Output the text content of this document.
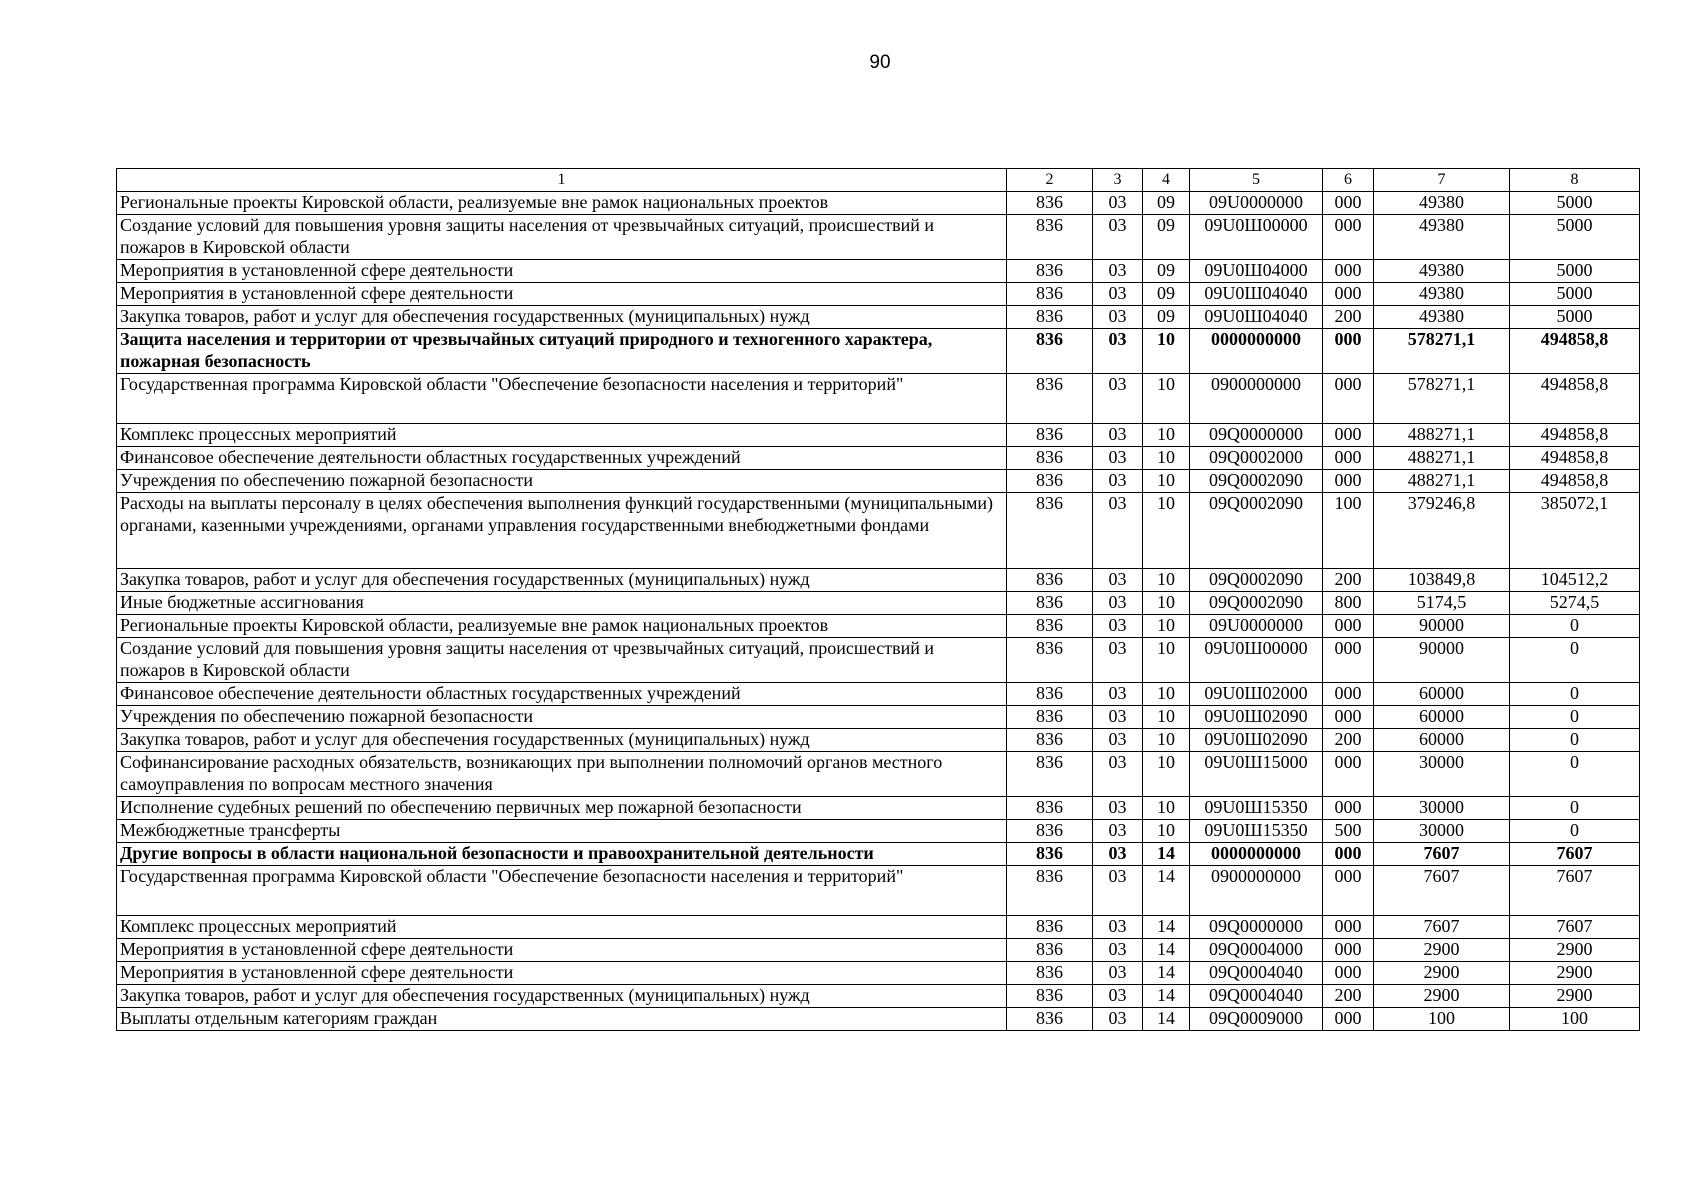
90
1	2	3	4	5	6	7	8
Региональные проекты Кировской области, реализуемые вне рамок национальных проектов	836	03	09	09U0000000	000	49380	5000
Создание условий для повышения уровня защиты населения от чрезвычайных ситуаций, происшествий и пожаров в Кировской области	836	03	09	09U0Ш00000	000	49380	5000
Мероприятия в установленной сфере деятельности	836	03	09	09U0Ш04000	000	49380	5000
Мероприятия в установленной сфере деятельности	836	03	09	09U0Ш04040	000	49380	5000
Закупка товаров, работ и услуг для обеспечения государственных (муниципальных) нужд	836	03	09	09U0Ш04040	200	49380	5000
Защита населения и территории от чрезвычайных ситуаций природного и техногенного характера, пожарная безопасность	836	03	10	0000000000	000	578271,1	494858,8
Государственная программа Кировской области "Обеспечение безопасности населения и территорий"	836	03	10	0900000000	000	578271,1	494858,8
Комплекс процессных мероприятий	836	03	10	09Q0000000	000	488271,1	494858,8
Финансовое обеспечение деятельности областных государственных учреждений	836	03	10	09Q0002000	000	488271,1	494858,8
Учреждения по обеспечению пожарной безопасности	836	03	10	09Q0002090	000	488271,1	494858,8
Расходы на выплаты персоналу в целях обеспечения выполнения функций государственными (муниципальными) органами, казенными учреждениями, органами управления государственными внебюджетными фондами	836	03	10	09Q0002090	100	379246,8	385072,1
Закупка товаров, работ и услуг для обеспечения государственных (муниципальных) нужд	836	03	10	09Q0002090	200	103849,8	104512,2
Иные бюджетные ассигнования	836	03	10	09Q0002090	800	5174,5	5274,5
Региональные проекты Кировской области, реализуемые вне рамок национальных проектов	836	03	10	09U0000000	000	90000	0
Создание условий для повышения уровня защиты населения от чрезвычайных ситуаций, происшествий и пожаров в Кировской области	836	03	10	09U0Ш00000	000	90000	0
Финансовое обеспечение деятельности областных государственных учреждений	836	03	10	09U0Ш02000	000	60000	0
Учреждения по обеспечению пожарной безопасности	836	03	10	09U0Ш02090	000	60000	0
Закупка товаров, работ и услуг для обеспечения государственных (муниципальных) нужд	836	03	10	09U0Ш02090	200	60000	0
Софинансирование расходных обязательств, возникающих при выполнении полномочий органов местного самоуправления по вопросам местного значения	836	03	10	09U0Ш15000	000	30000	0
Исполнение судебных решений по обеспечению первичных мер пожарной безопасности	836	03	10	09U0Ш15350	000	30000	0
Межбюджетные трансферты	836	03	10	09U0Ш15350	500	30000	0
Другие вопросы в области национальной безопасности и правоохранительной деятельности	836	03	14	0000000000	000	7607	7607
Государственная программа Кировской области "Обеспечение безопасности населения и территорий"	836	03	14	0900000000	000	7607	7607
Комплекс процессных мероприятий	836	03	14	09Q0000000	000	7607	7607
Мероприятия в установленной сфере деятельности	836	03	14	09Q0004000	000	2900	2900
Мероприятия в установленной сфере деятельности	836	03	14	09Q0004040	000	2900	2900
Закупка товаров, работ и услуг для обеспечения государственных (муниципальных) нужд	836	03	14	09Q0004040	200	2900	2900
Выплаты отдельным категориям граждан	836	03	14	09Q0009000	000	100	100
